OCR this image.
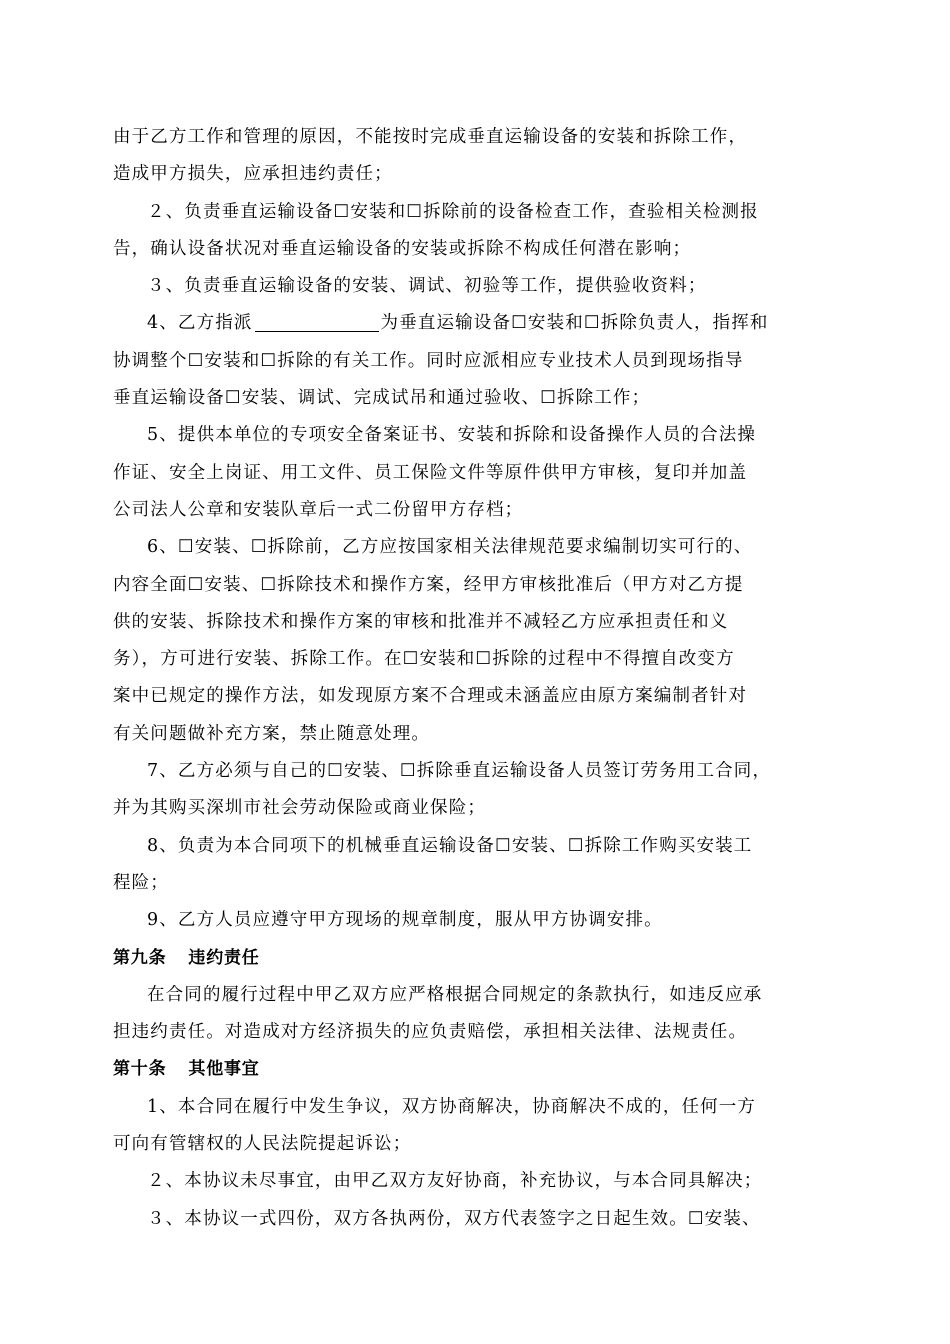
由于乙方工作和管理的原因，不能按时完成垂直运输设备的安装和拆除工作，
造成甲方损失，应承担违约责任；
２、负责垂直运输设备☐安装和☐拆除前的设备检查工作，查验相关检测报
告，确认设备状况对垂直运输设备的安装或拆除不构成任何潜在影响；
３、负责垂直运输设备的安装、调试、初验等工作，提供验收资料；
4、乙方指派	为垂直运输设备☐安装和☐拆除负责人，指挥和
协调整个☐安装和☐拆除的有关工作。同时应派相应专业技术人员到现场指导
垂直运输设备☐安装、调试、完成试吊和通过验收、☐拆除工作；
5、提供本单位的专项安全备案证书、安装和拆除和设备操作人员的合法操
作证、安全上岗证、用工文件、员工保险文件等原件供甲方审核，复印并加盖
公司法人公章和安装队章后一式二份留甲方存档；
6、☐安装、☐拆除前，乙方应按国家相关法律规范要求编制切实可行的、
内容全面☐安装、☐拆除技术和操作方案，经甲方审核批准后（甲方对乙方提
供的安装、拆除技术和操作方案的审核和批准并不减轻乙方应承担责任和义
务），方可进行安装、拆除工作。在☐安装和☐拆除的过程中不得擅自改变方
案中已规定的操作方法，如发现原方案不合理或未涵盖应由原方案编制者针对
有关问题做补充方案，禁止随意处理。
7、乙方必须与自己的☐安装、☐拆除垂直运输设备人员签订劳务用工合同，
并为其购买深圳市社会劳动保险或商业保险；
8、负责为本合同项下的机械垂直运输设备☐安装、☐拆除工作购买安装工
程险；
9、乙方人员应遵守甲方现场的规章制度，服从甲方协调安排。
第九条 违约责任
在合同的履行过程中甲乙双方应严格根据合同规定的条款执行，如违反应承
担违约责任。对造成对方经济损失的应负责赔偿，承担相关法律、法规责任。
第十条 其他事宜
1、本合同在履行中发生争议，双方协商解决，协商解决不成的，任何一方
可向有管辖权的人民法院提起诉讼；
２、本协议未尽事宜，由甲乙双方友好协商，补充协议，与本合同具解决；
３、本协议一式四份，双方各执两份，双方代表签字之日起生效。☐安装、
